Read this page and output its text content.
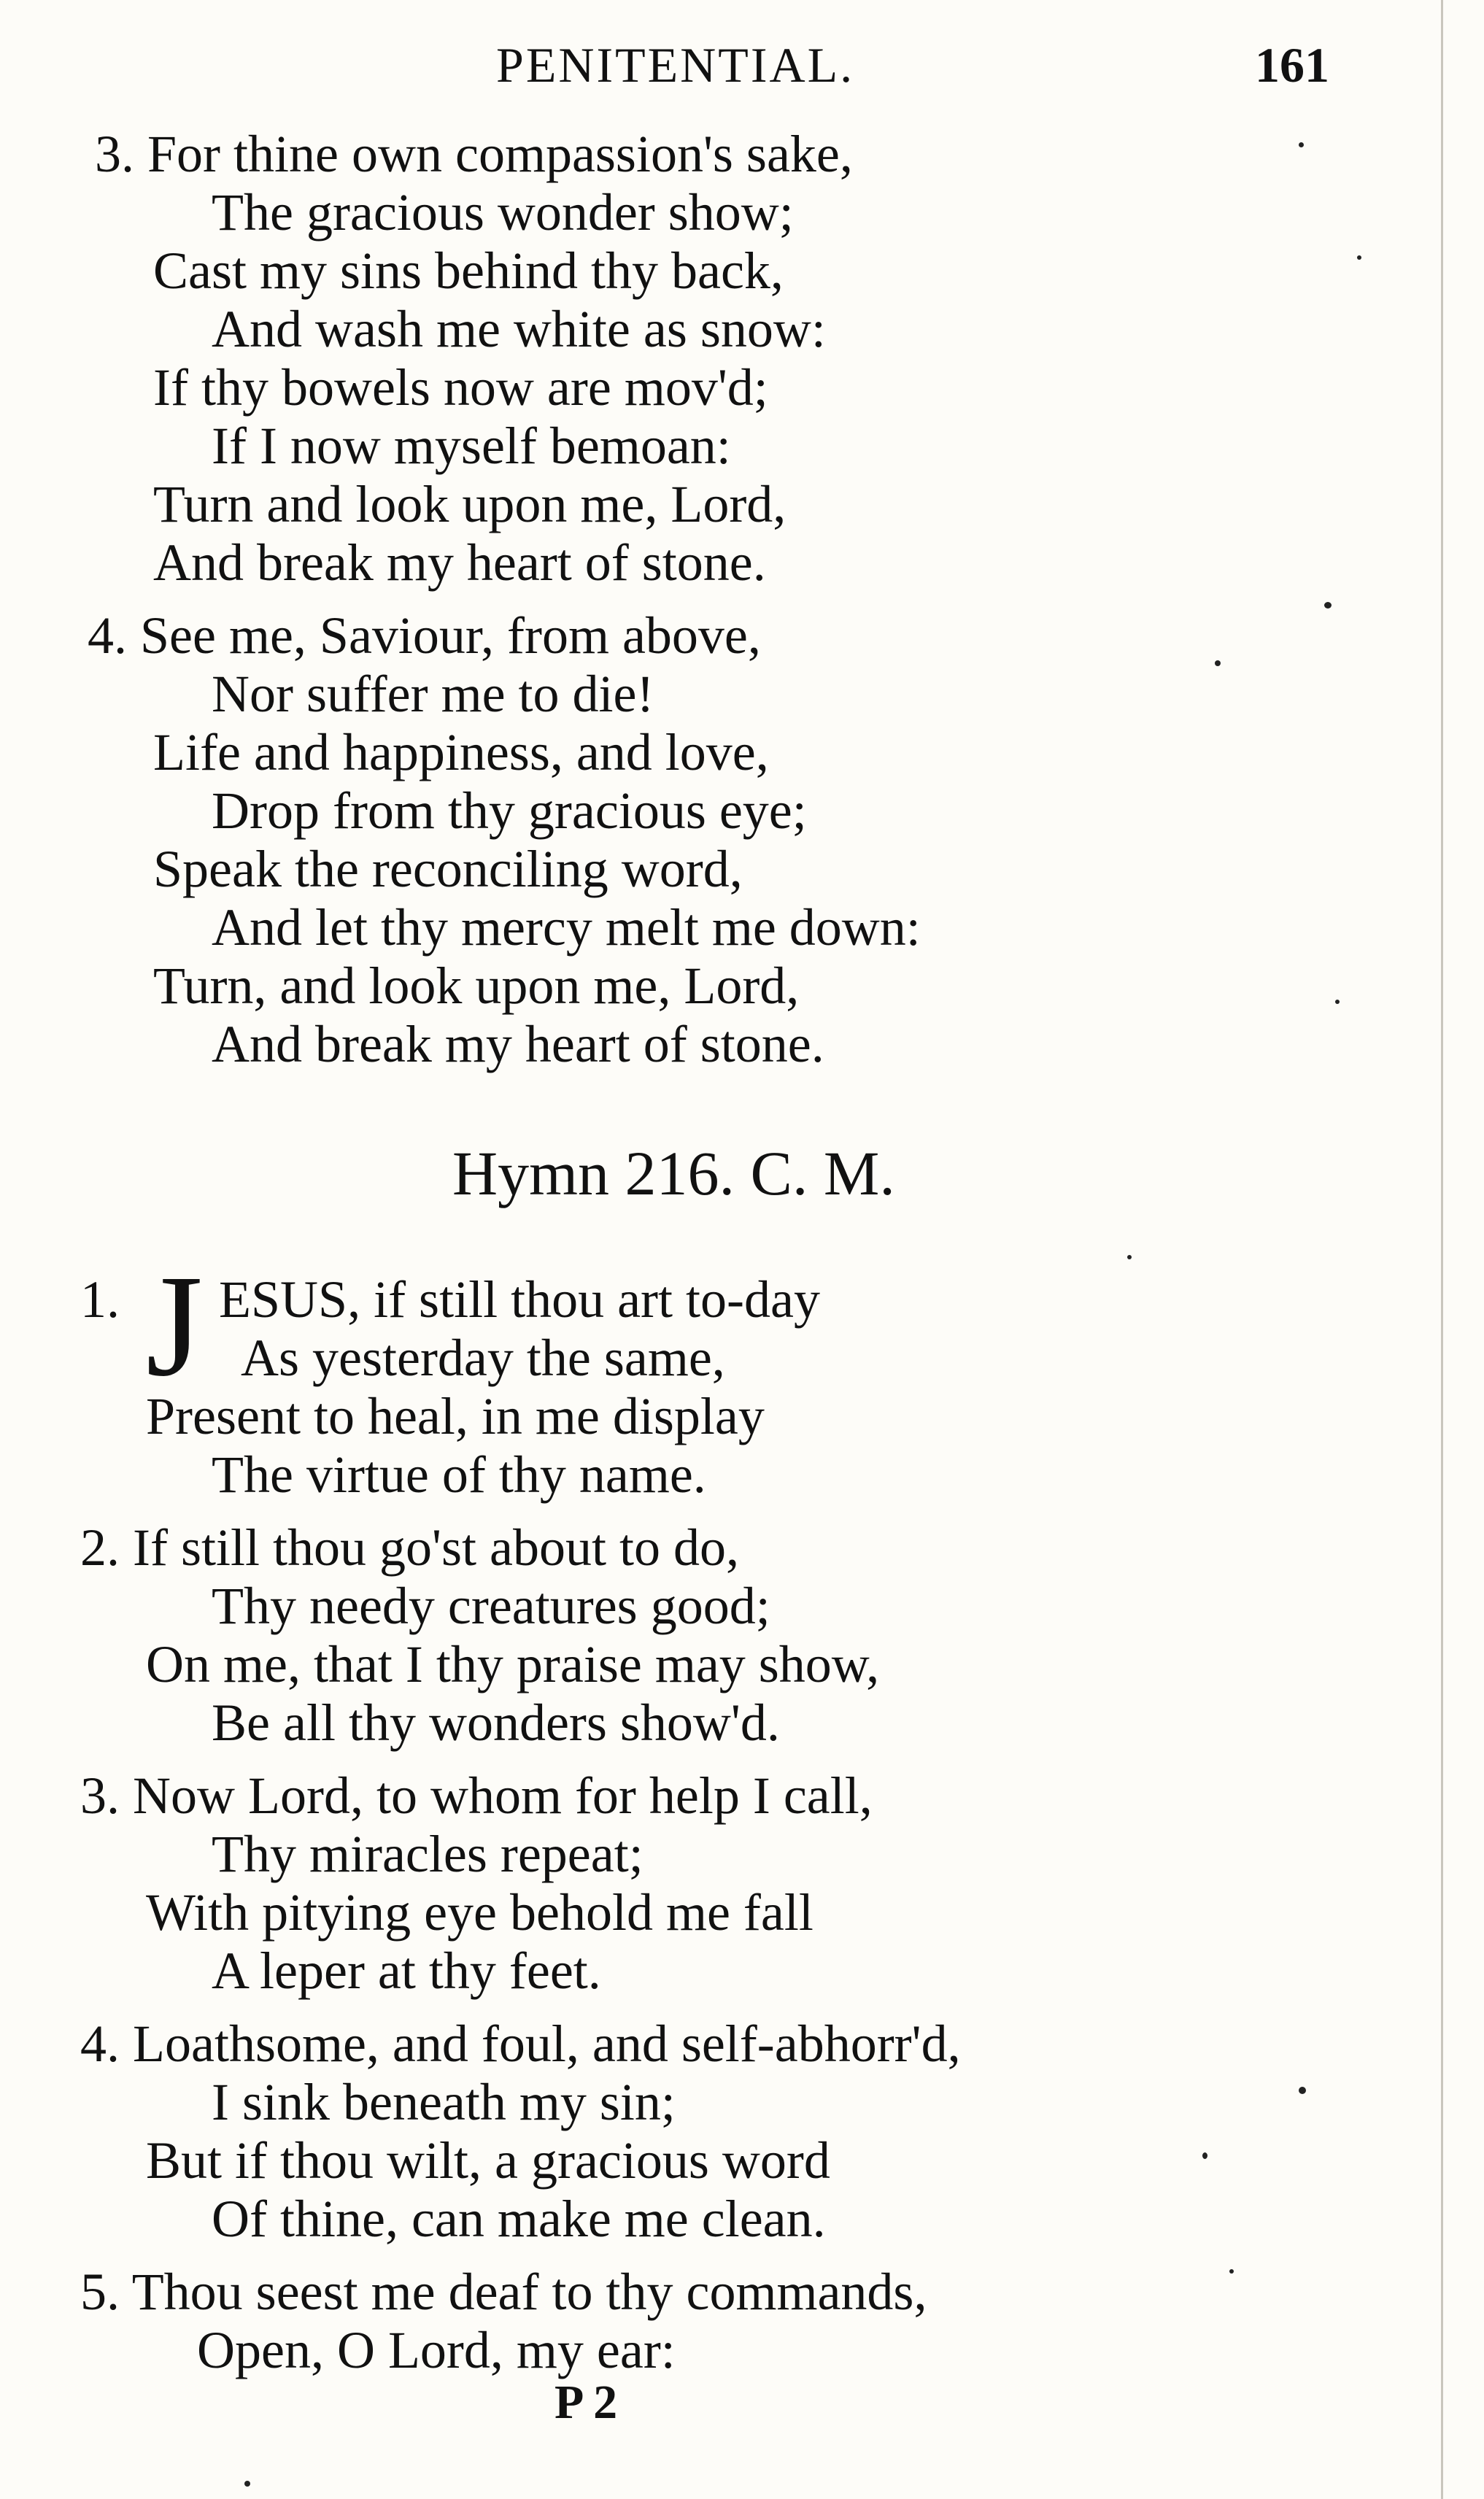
PENITENTIAL.	161
3. For thine own compassion's sake,
The gracious wonder show;
Cast my sins behind thy back,
And wash me white as snow:
If thy bowels now are mov'd;
If I now myself bemoan:
Turn and look upon me, Lord,
And break my heart of stone.
4. See me, Saviour, from above,
Nor suffer me to die!
Life and happiness, and love,
Drop from thy gracious eye;
Speak the reconciling word,
And let thy mercy melt me down:
Turn, and look upon me, Lord,
And break my heart of stone.
Hymn 216. C. M.
1. J ESUS, if still thou art to-day
As yesterday the same,
Present to heal, in me display
The virtue of thy name.
2. If still thou go'st about to do,
Thy needy creatures good;
On me, that I thy praise may show,
Be all thy wonders show'd.
3. Now Lord, to whom for help I call,
Thy miracles repeat;
With pitying eye behold me fall
A leper at thy feet.
4. Loathsome, and foul, and self-abhorr'd,
I sink beneath my sin;
But if thou wilt, a gracious word
Of thine, can make me clean.
5. Thou seest me deaf to thy commands,
Open, O Lord, my ear:
P 2
